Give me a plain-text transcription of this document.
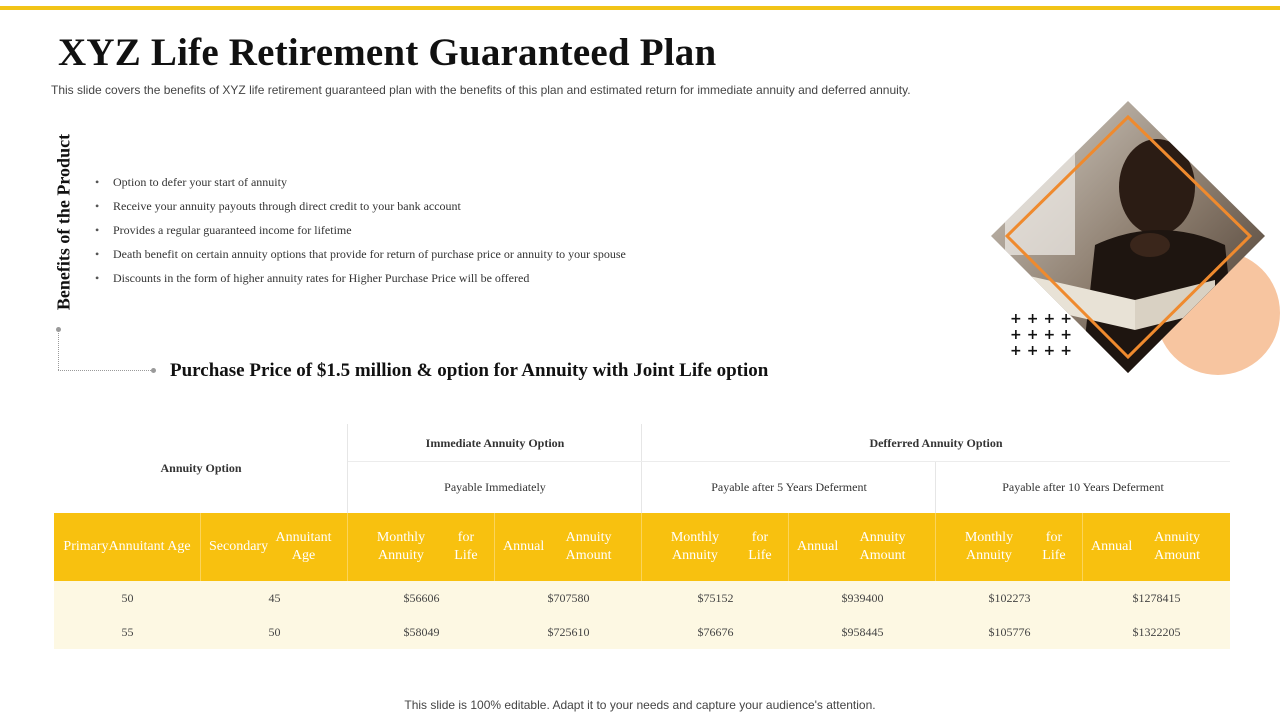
XYZ Life Retirement Guaranteed Plan

This slide covers the benefits of XYZ life retirement guaranteed plan with the benefits of this plan and estimated return for immediate annuity and deferred annuity.

Benefits of the Product
•	Option to defer your start of annuity
• Receive your annuity payouts through direct credit to your bank account
• Provides a regular guaranteed income for lifetime
• Death benefit on certain annuity options that provide for return of purchase price or annuity to your spouse
• Discounts in the form of higher annuity rates for Higher Purchase Price will be offered
Purchase Price of $1.5 million & option for Annuity with Joint Life option
++++
++++
++++
Annuity Option
Immediate Annuity Option	Defferred Annuity Option
Payable Immediately	Payable after 5 Years Deferment	Payable after 10 Years Deferment
Primary Annuitant Age Secondary

Annuitant Age
Monthly Annuity

for Life
Annual

Annuity Amount
Monthly Annuity

for Life
Annual

Annuity Amount
Monthly Annuity

for Life
Annual

Annuity Amount
50	45	$56606	$707580	$75152	$939400	$102273	$1278415
55	50	$58049	$725610	$76676	$958445	$105776	$1322205
This slide is 100% editable. Adapt it to your needs and capture your audience's attention.
